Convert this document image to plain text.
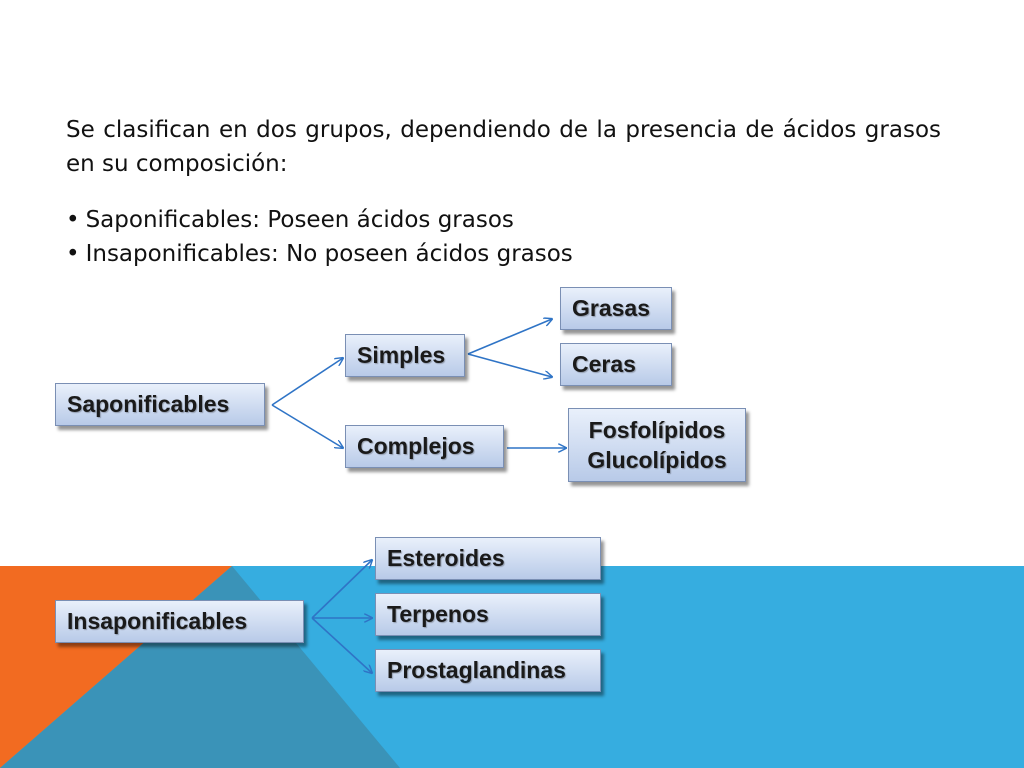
Se clasifican en dos grupos, dependiendo de la presencia de ácidos grasos en su composición:

• Saponificables: Poseen ácidos grasos
• Insaponificables: No poseen ácidos grasos
Saponificables
Simples
Complejos
Grasas
Ceras
Fosfolípidos
Glucolípidos
Insaponificables
Esteroides
Terpenos
Prostaglandinas
